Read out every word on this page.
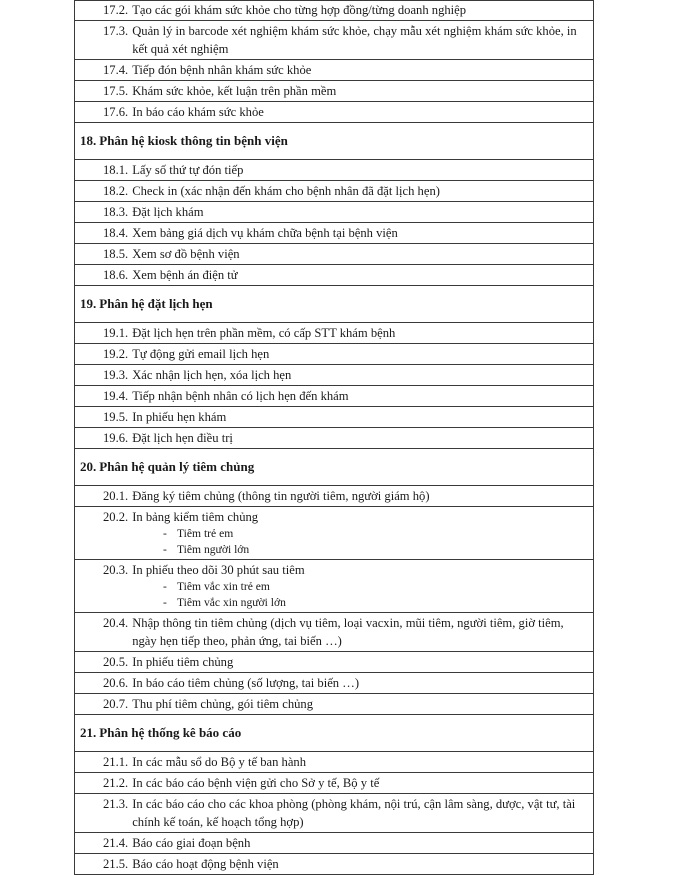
17.2. Tạo các gói khám sức khỏe cho từng hợp đồng/từng doanh nghiệp

17.3. Quản lý in barcode xét nghiệm khám sức khỏe, chạy mẫu xét nghiệm khám sức khỏe, in kết quả xét nghiệm

17.4. Tiếp đón bệnh nhân khám sức khỏe

17.5. Khám sức khỏe, kết luận trên phần mềm

17.6. In báo cáo khám sức khỏe

18. Phân hệ kiosk thông tin bệnh viện

18.1. Lấy số thứ tự đón tiếp

18.2. Check in (xác nhận đến khám cho bệnh nhân đã đặt lịch hẹn)

18.3. Đặt lịch khám

18.4. Xem bảng giá dịch vụ khám chữa bệnh tại bệnh viện

18.5. Xem sơ đồ bệnh viện

18.6. Xem bệnh án điện tử

19. Phân hệ đặt lịch hẹn

19.1. Đặt lịch hẹn trên phần mềm, có cấp STT khám bệnh

19.2. Tự động gửi email lịch hẹn

19.3. Xác nhận lịch hẹn, xóa lịch hẹn

19.4. Tiếp nhận bệnh nhân có lịch hẹn đến khám

19.5. In phiếu hẹn khám

19.6. Đặt lịch hẹn điều trị

20. Phân hệ quản lý tiêm chủng

20.1. Đăng ký tiêm chủng (thông tin người tiêm, người giám hộ)

20.2. In bảng kiểm tiêm chủng
- Tiêm trẻ em
- Tiêm người lớn

20.3. In phiếu theo dõi 30 phút sau tiêm
- Tiêm vắc xin trẻ em
- Tiêm vắc xin người lớn

20.4. Nhập thông tin tiêm chủng (dịch vụ tiêm, loại vacxin, mũi tiêm, người tiêm, giờ tiêm, ngày hẹn tiếp theo, phản ứng, tai biến …)

20.5. In phiếu tiêm chủng

20.6. In báo cáo tiêm chủng (số lượng, tai biến …)

20.7. Thu phí tiêm chủng, gói tiêm chủng

21. Phân hệ thống kê báo cáo

21.1. In các mẫu sổ do Bộ y tế ban hành

21.2. In các báo cáo bệnh viện gửi cho Sở y tế, Bộ y tế

21.3. In các báo cáo cho các khoa phòng (phòng khám, nội trú, cận lâm sàng, dược, vật tư, tài chính kế toán, kế hoạch tổng hợp)

21.4. Báo cáo giai đoạn bệnh

21.5. Báo cáo hoạt động bệnh viện
